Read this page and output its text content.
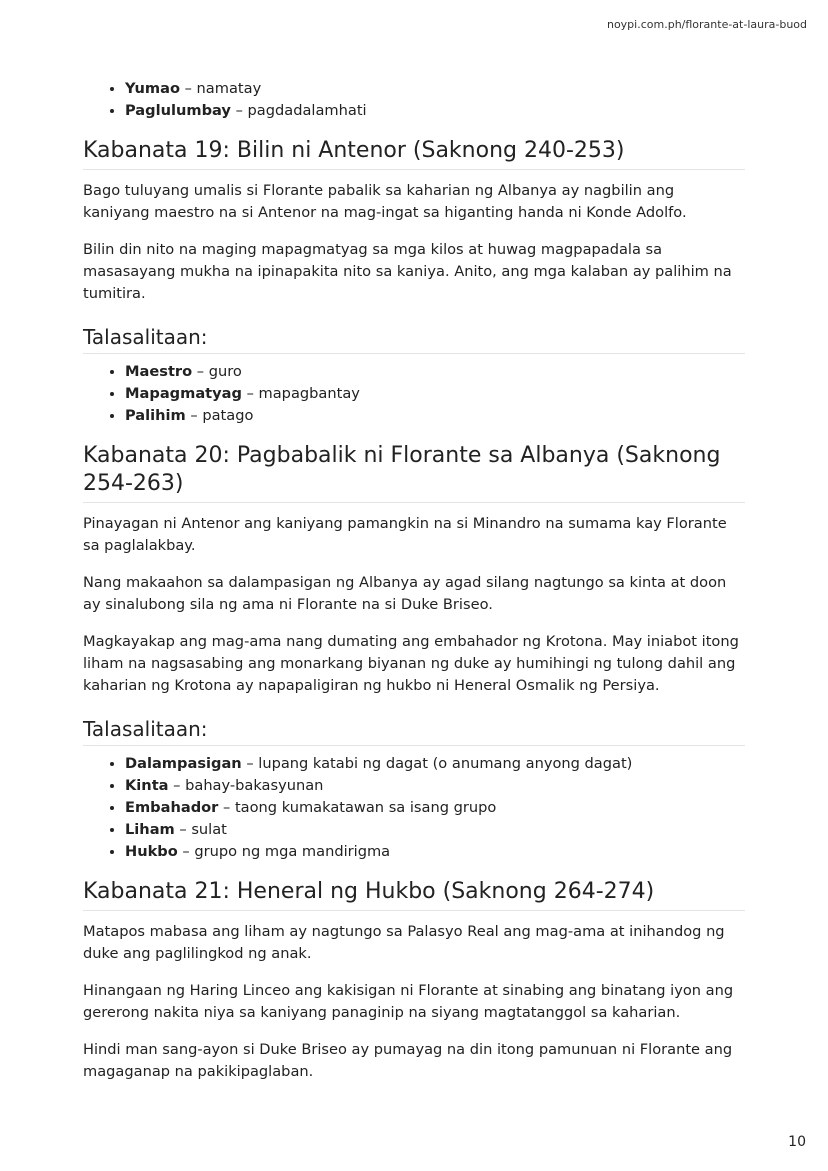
noypi.com.ph/florante-at-laura-buod
• Yumao – namatay
• Paglulumbay – pagdadalamhati
Kabanata 19: Bilin ni Antenor (Saknong 240-253)

Bago tuluyang umalis si Florante pabalik sa kaharian ng Albanya ay nagbilin ang kaniyang maestro na si Antenor na mag-ingat sa higanting handa ni Konde Adolfo.

Bilin din nito na maging mapagmatyag sa mga kilos at huwag magpapadala sa masasayang mukha na ipinapakita nito sa kaniya. Anito, ang mga kalaban ay palihim na tumitira.

Talasalitaan:
• Maestro – guro
• Mapagmatyag – mapagbantay
• Palihim – patago
Kabanata 20: Pagbabalik ni Florante sa Albanya (Saknong 254-263)

Pinayagan ni Antenor ang kaniyang pamangkin na si Minandro na sumama kay Florante sa paglalakbay.

Nang makaahon sa dalampasigan ng Albanya ay agad silang nagtungo sa kinta at doon ay sinalubong sila ng ama ni Florante na si Duke Briseo.

Magkayakap ang mag-ama nang dumating ang embahador ng Krotona. May iniabot itong liham na nagsasabing ang monarkang biyanan ng duke ay humihingi ng tulong dahil ang kaharian ng Krotona ay napapaligiran ng hukbo ni Heneral Osmalik ng Persiya.

Talasalitaan:
• Dalampasigan – lupang katabi ng dagat (o anumang anyong dagat)
• Kinta – bahay-bakasyunan
• Embahador – taong kumakatawan sa isang grupo
• Liham – sulat
• Hukbo – grupo ng mga mandirigma
Kabanata 21: Heneral ng Hukbo (Saknong 264-274)

Matapos mabasa ang liham ay nagtungo sa Palasyo Real ang mag-ama at inihandog ng duke ang paglilingkod ng anak.

Hinangaan ng Haring Linceo ang kakisigan ni Florante at sinabing ang binatang iyon ang gererong nakita niya sa kaniyang panaginip na siyang magtatanggol sa kaharian.

Hindi man sang-ayon si Duke Briseo ay pumayag na din itong pamunuan ni Florante ang magaganap na pakikipaglaban.

10
